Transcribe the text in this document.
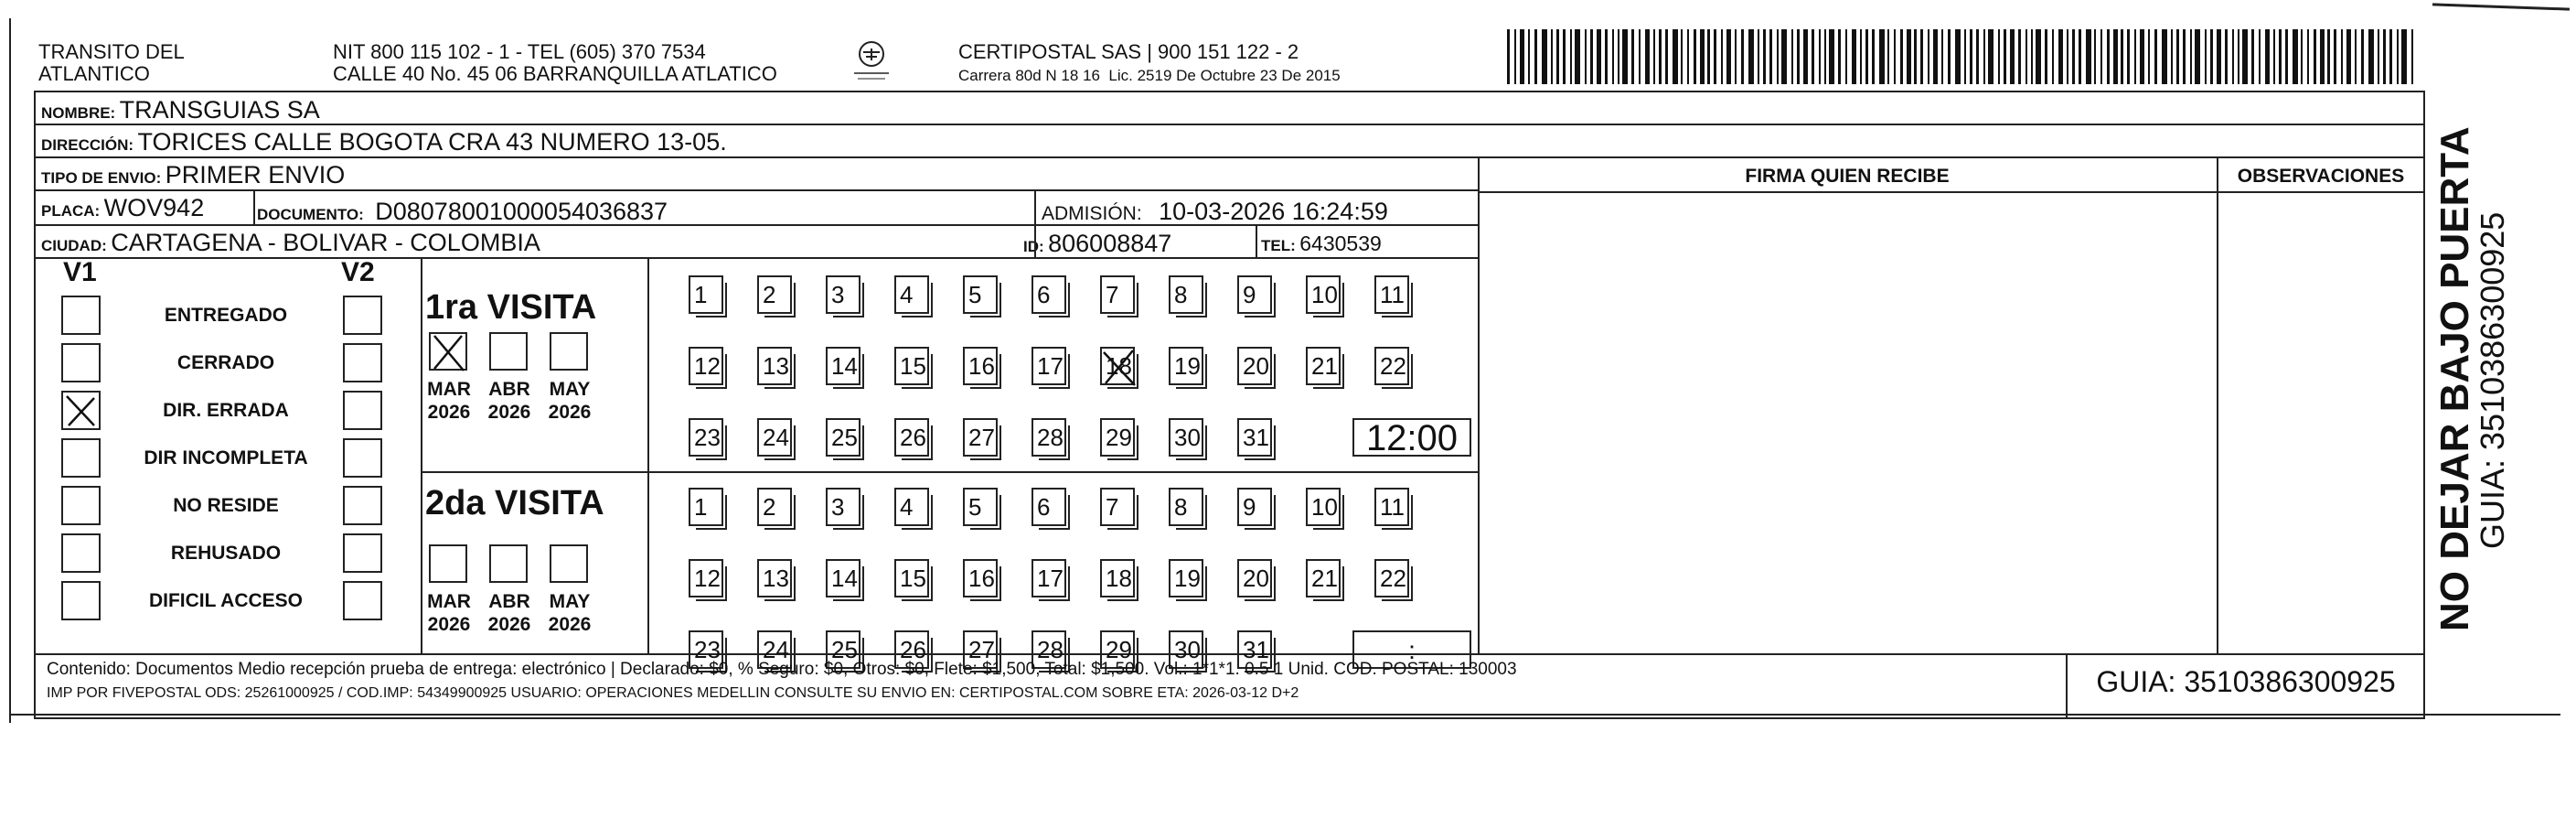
TRANSITO DEL
ATLANTICO
NIT 800 115 102 - 1 - TEL (605) 370 7534
CALLE 40 No. 45 06 BARRANQUILLA ATLATICO
CERTIPOSTAL SAS | 900 151 122 - 2
Carrera 80d N 18 16  Lic. 2519 De Octubre 23 De 2015
NOMBRE: TRANSGUIAS SA
DIRECCIÓN: TORICES CALLE BOGOTA CRA 43 NUMERO 13-05.
TIPO DE ENVIO: PRIMER ENVIO
PLACA: WOV942	DOCUMENTO: D08078001000054036837	ADMISIÓN: 10-03-2026 16:24:59
CIUDAD: CARTAGENA - BOLIVAR - COLOMBIA	ID: 806008847	TEL: 6430539
FIRMA QUIEN RECIBE	OBSERVACIONES
V1	V2
ENTREGADO
CERRADO
DIR. ERRADA
DIR INCOMPLETA
NO RESIDE
REHUSADO
DIFICIL ACCESO
1ra VISITA
2da VISITA
MAR
2026
ABR
2026
MAY
2026
1	2	3	4	5	6	7	8	9	10 11
12 13 14 15 16 17 18 19 20 21 22
23 24 25 26 27 28 29 30 31	12:00
MAR
2026
ABR
2026
MAY
2026
1	2	3	4	5	6	7	8	9	10 11
12 13 14 15 16 17 18 19 20 21 22
23 24 25 26 27 28 29 30 31	:
Contenido: Documentos Medio recepción prueba de entrega: electrónico | Declarado: $0, % Seguro: $0, Otros: $0, Flete: $1,500, Total: $1,500. Vol.: 1*1*1. 0.5 1 Unid. COD. POSTAL: 130003
IMP POR FIVEPOSTAL ODS: 25261000925 / COD.IMP: 54349900925 USUARIO: OPERACIONES MEDELLIN CONSULTE SU ENVIO EN: CERTIPOSTAL.COM SOBRE ETA: 2026-03-12 D+2	GUIA: 3510386300925
NO DEJAR BAJO PUERTA
GUIA: 3510386300925
